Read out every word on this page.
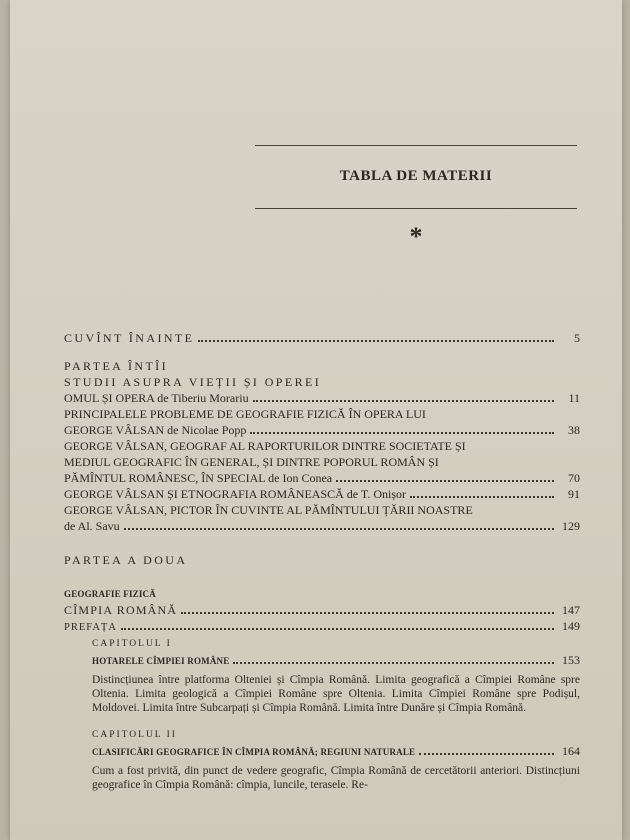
TABLA DE MATERII
*
CUVÎNT ÎNAINTE	5
PARTEA ÎNTÎI
STUDII ASUPRA VIEȚII ȘI OPEREI
OMUL ȘI OPERA de Tiberiu Morariu	11
PRINCIPALELE PROBLEME DE GEOGRAFIE FIZICĂ ÎN OPERA LUI
GEORGE VÂLSAN de Nicolae Popp	38
GEORGE VÂLSAN, GEOGRAF AL RAPORTURILOR DINTRE SOCIETATE ȘI
MEDIUL GEOGRAFIC ÎN GENERAL, ȘI DINTRE POPORUL ROMÂN ȘI
PĂMÎNTUL ROMÂNESC, ÎN SPECIAL de Ion Conea	70
GEORGE VÂLSAN ȘI ETNOGRAFIA ROMÂNEASCĂ de T. Onișor	91
GEORGE VÂLSAN, PICTOR ÎN CUVINTE AL PĂMÎNTULUI ȚĂRII NOASTRE
de Al. Savu	129
PARTEA A DOUA
GEOGRAFIE FIZICĂ
CÎMPIA ROMÂNĂ	147
PREFAȚA	149
CAPITOLUL I
HOTARELE CÎMPIEI ROMÂNE	153
Distincțiunea între platforma Olteniei și Cîmpia Română. Limita geografică a Cîmpiei Române spre Oltenia. Limita geologică a Cîmpiei Române spre Oltenia. Limita Cîmpiei Române spre Podișul, Moldovei. Limita între Subcarpați și Cîmpia Română. Limita între Dunăre și Cîmpia Română.
CAPITOLUL II
CLASIFICĂRI GEOGRAFICE ÎN CÎMPIA ROMÂNĂ; REGIUNI NATURALE	164
Cum a fost privită, din punct de vedere geografic, Cîmpia Română de cercetătorii anteriori. Distincțiuni geografice în Cîmpia Română: cîmpia, luncile, terasele. Re-
